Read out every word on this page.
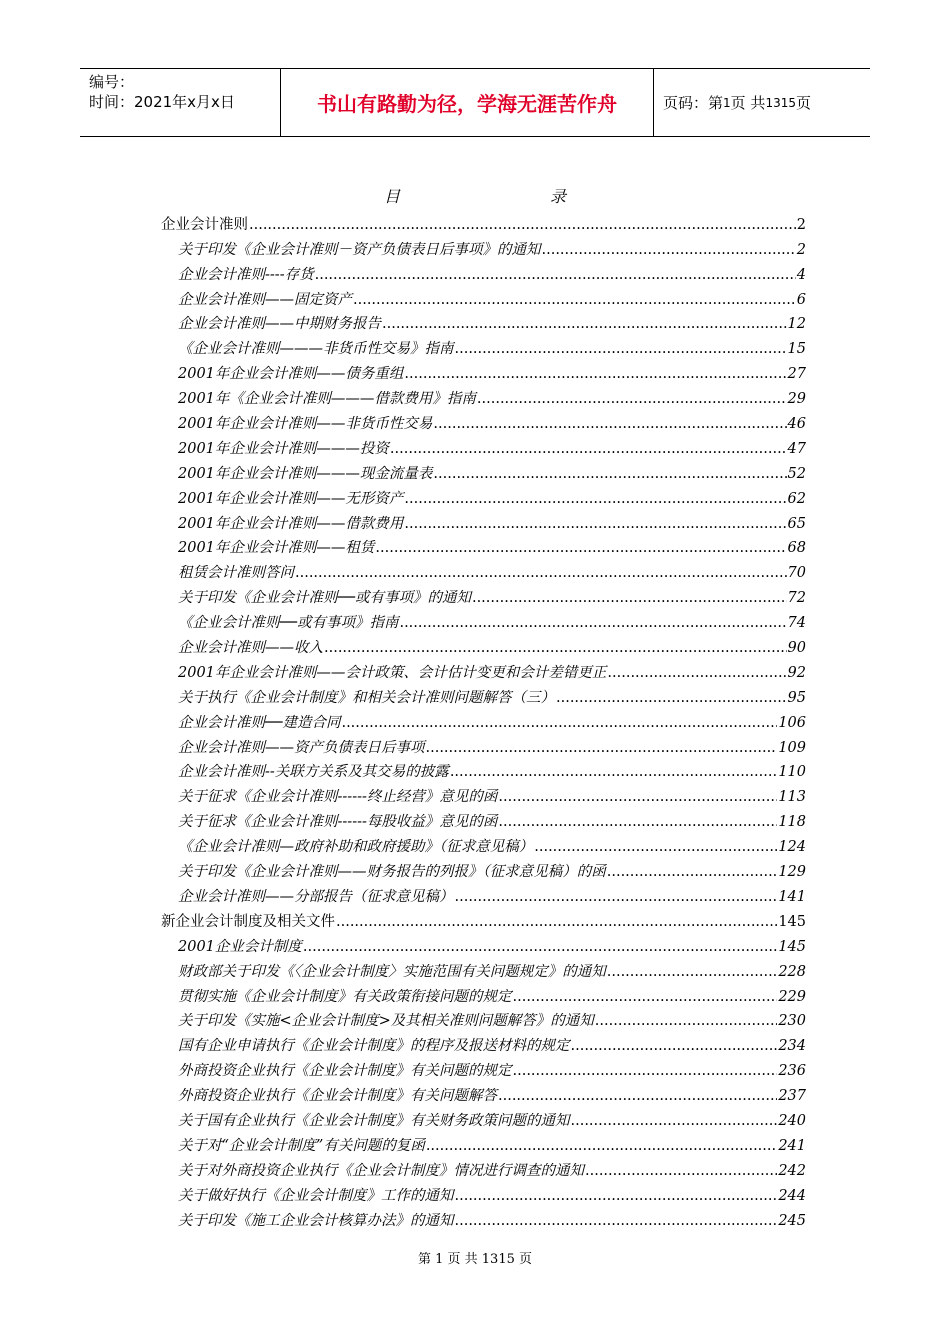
编号：
时间：2021年x月x日	书山有路勤为径，学海无涯苦作舟	页码：第 1 页 共 1315 页
目	录
企业会计准则 .....	2
关于印发《企业会计准则－资产负债表日后事项》的通知 .....	2
企业会计准则----存货 .....	4
企业会计准则——固定资产 .....	6
企业会计准则——中期财务报告 .....	12
《企业会计准则———非货币性交易》指南 .....	15
2001年企业会计准则——债务重组 .....	27
2001年《企业会计准则———借款费用》指南 .....	29
2001年企业会计准则——非货币性交易 .....	46
2001年企业会计准则———投资 .....	47
2001年企业会计准则———现金流量表 .....	52
2001年企业会计准则——无形资产 .....	62
2001年企业会计准则——借款费用 .....	65
2001年企业会计准则——租赁 .....	68
租赁会计准则答问 .....	70
关于印发《企业会计准则──或有事项》的通知 .....	72
《企业会计准则──或有事项》指南 .....	74
企业会计准则——收入 .....	90
2001年企业会计准则——会计政策、会计估计变更和会计差错更正 .....	92
关于执行《企业会计制度》和相关会计准则问题解答（三） .....	95
企业会计准则──建造合同 .....	106
企业会计准则——资产负债表日后事项 .....	109
企业会计准则--关联方关系及其交易的披露 .....	110
关于征求《企业会计准则------终止经营》意见的函 .....	113
关于征求《企业会计准则------每股收益》意见的函 .....	118
《企业会计准则—政府补助和政府援助》（征求意见稿） .....	124
关于印发《企业会计准则——财务报告的列报》（征求意见稿）的函 .....	129
企业会计准则——分部报告（征求意见稿） .....	141
新企业会计制度及相关文件 .....	145
2001企业会计制度 .....	145
财政部关于印发《〈企业会计制度〉实施范围有关问题规定》的通知 .....	228
贯彻实施《企业会计制度》有关政策衔接问题的规定 .....	229
关于印发《实施<企业会计制度>及其相关准则问题解答》的通知 .....	230
国有企业申请执行《企业会计制度》的程序及报送材料的规定 .....	234
外商投资企业执行《企业会计制度》有关问题的规定 .....	236
外商投资企业执行《企业会计制度》有关问题解答 .....	237
关于国有企业执行《企业会计制度》有关财务政策问题的通知 .....	240
关于对“企业会计制度”有关问题的复函 .....	241
关于对外商投资企业执行《企业会计制度》情况进行调查的通知 .....	242
关于做好执行《企业会计制度》工作的通知 .....	244
关于印发《施工企业会计核算办法》的通知 .....	245
第 1 页 共 1315 页
